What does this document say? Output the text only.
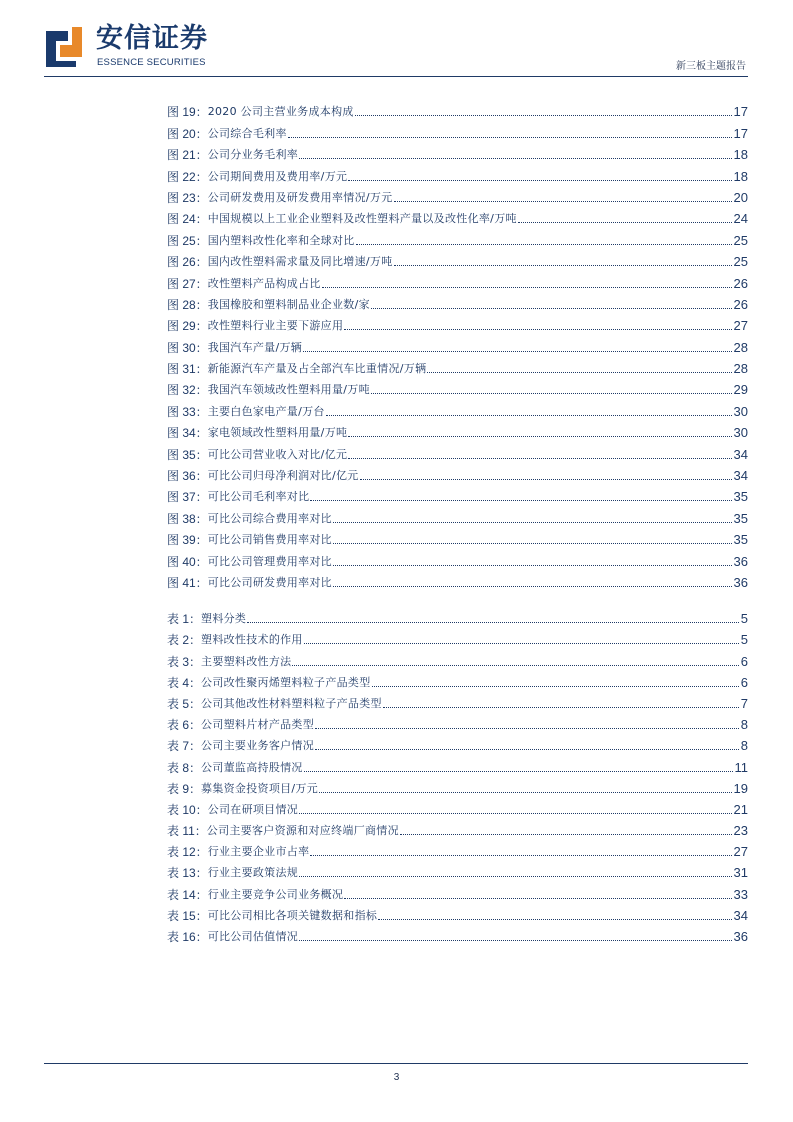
安信证券
ESSENCE SECURITIES	新三板主题报告
图 19： 2020 公司主营业务成本构成	17
图 20： 公司综合毛利率	17
图 21： 公司分业务毛利率	18
图 22： 公司期间费用及费用率/万元	18
图 23： 公司研发费用及研发费用率情况/万元	20
图 24： 中国规模以上工业企业塑料及改性塑料产量以及改性化率/万吨	24
图 25： 国内塑料改性化率和全球对比	25
图 26： 国内改性塑料需求量及同比增速/万吨	25
图 27： 改性塑料产品构成占比	26
图 28： 我国橡胶和塑料制品业企业数/家	26
图 29： 改性塑料行业主要下游应用	27
图 30： 我国汽车产量/万辆	28
图 31： 新能源汽车产量及占全部汽车比重情况/万辆	28
图 32： 我国汽车领域改性塑料用量/万吨	29
图 33： 主要白色家电产量/万台	30
图 34： 家电领域改性塑料用量/万吨	30
图 35： 可比公司营业收入对比/亿元	34
图 36： 可比公司归母净利润对比/亿元	34
图 37： 可比公司毛利率对比	35
图 38： 可比公司综合费用率对比	35
图 39： 可比公司销售费用率对比	35
图 40： 可比公司管理费用率对比	36
图 41： 可比公司研发费用率对比	36
表 1： 塑料分类	5
表 2： 塑料改性技术的作用	5
表 3： 主要塑料改性方法	6
表 4： 公司改性聚丙烯塑料粒子产品类型	6
表 5： 公司其他改性材料塑料粒子产品类型	7
表 6： 公司塑料片材产品类型	8
表 7： 公司主要业务客户情况	8
表 8： 公司董监高持股情况	11
表 9： 募集资金投资项目/万元	19
表 10： 公司在研项目情况	21
表 11： 公司主要客户资源和对应终端厂商情况	23
表 12： 行业主要企业市占率	27
表 13： 行业主要政策法规	31
表 14： 行业主要竞争公司业务概况	33
表 15： 可比公司相比各项关键数据和指标	34
表 16： 可比公司估值情况	36
3
